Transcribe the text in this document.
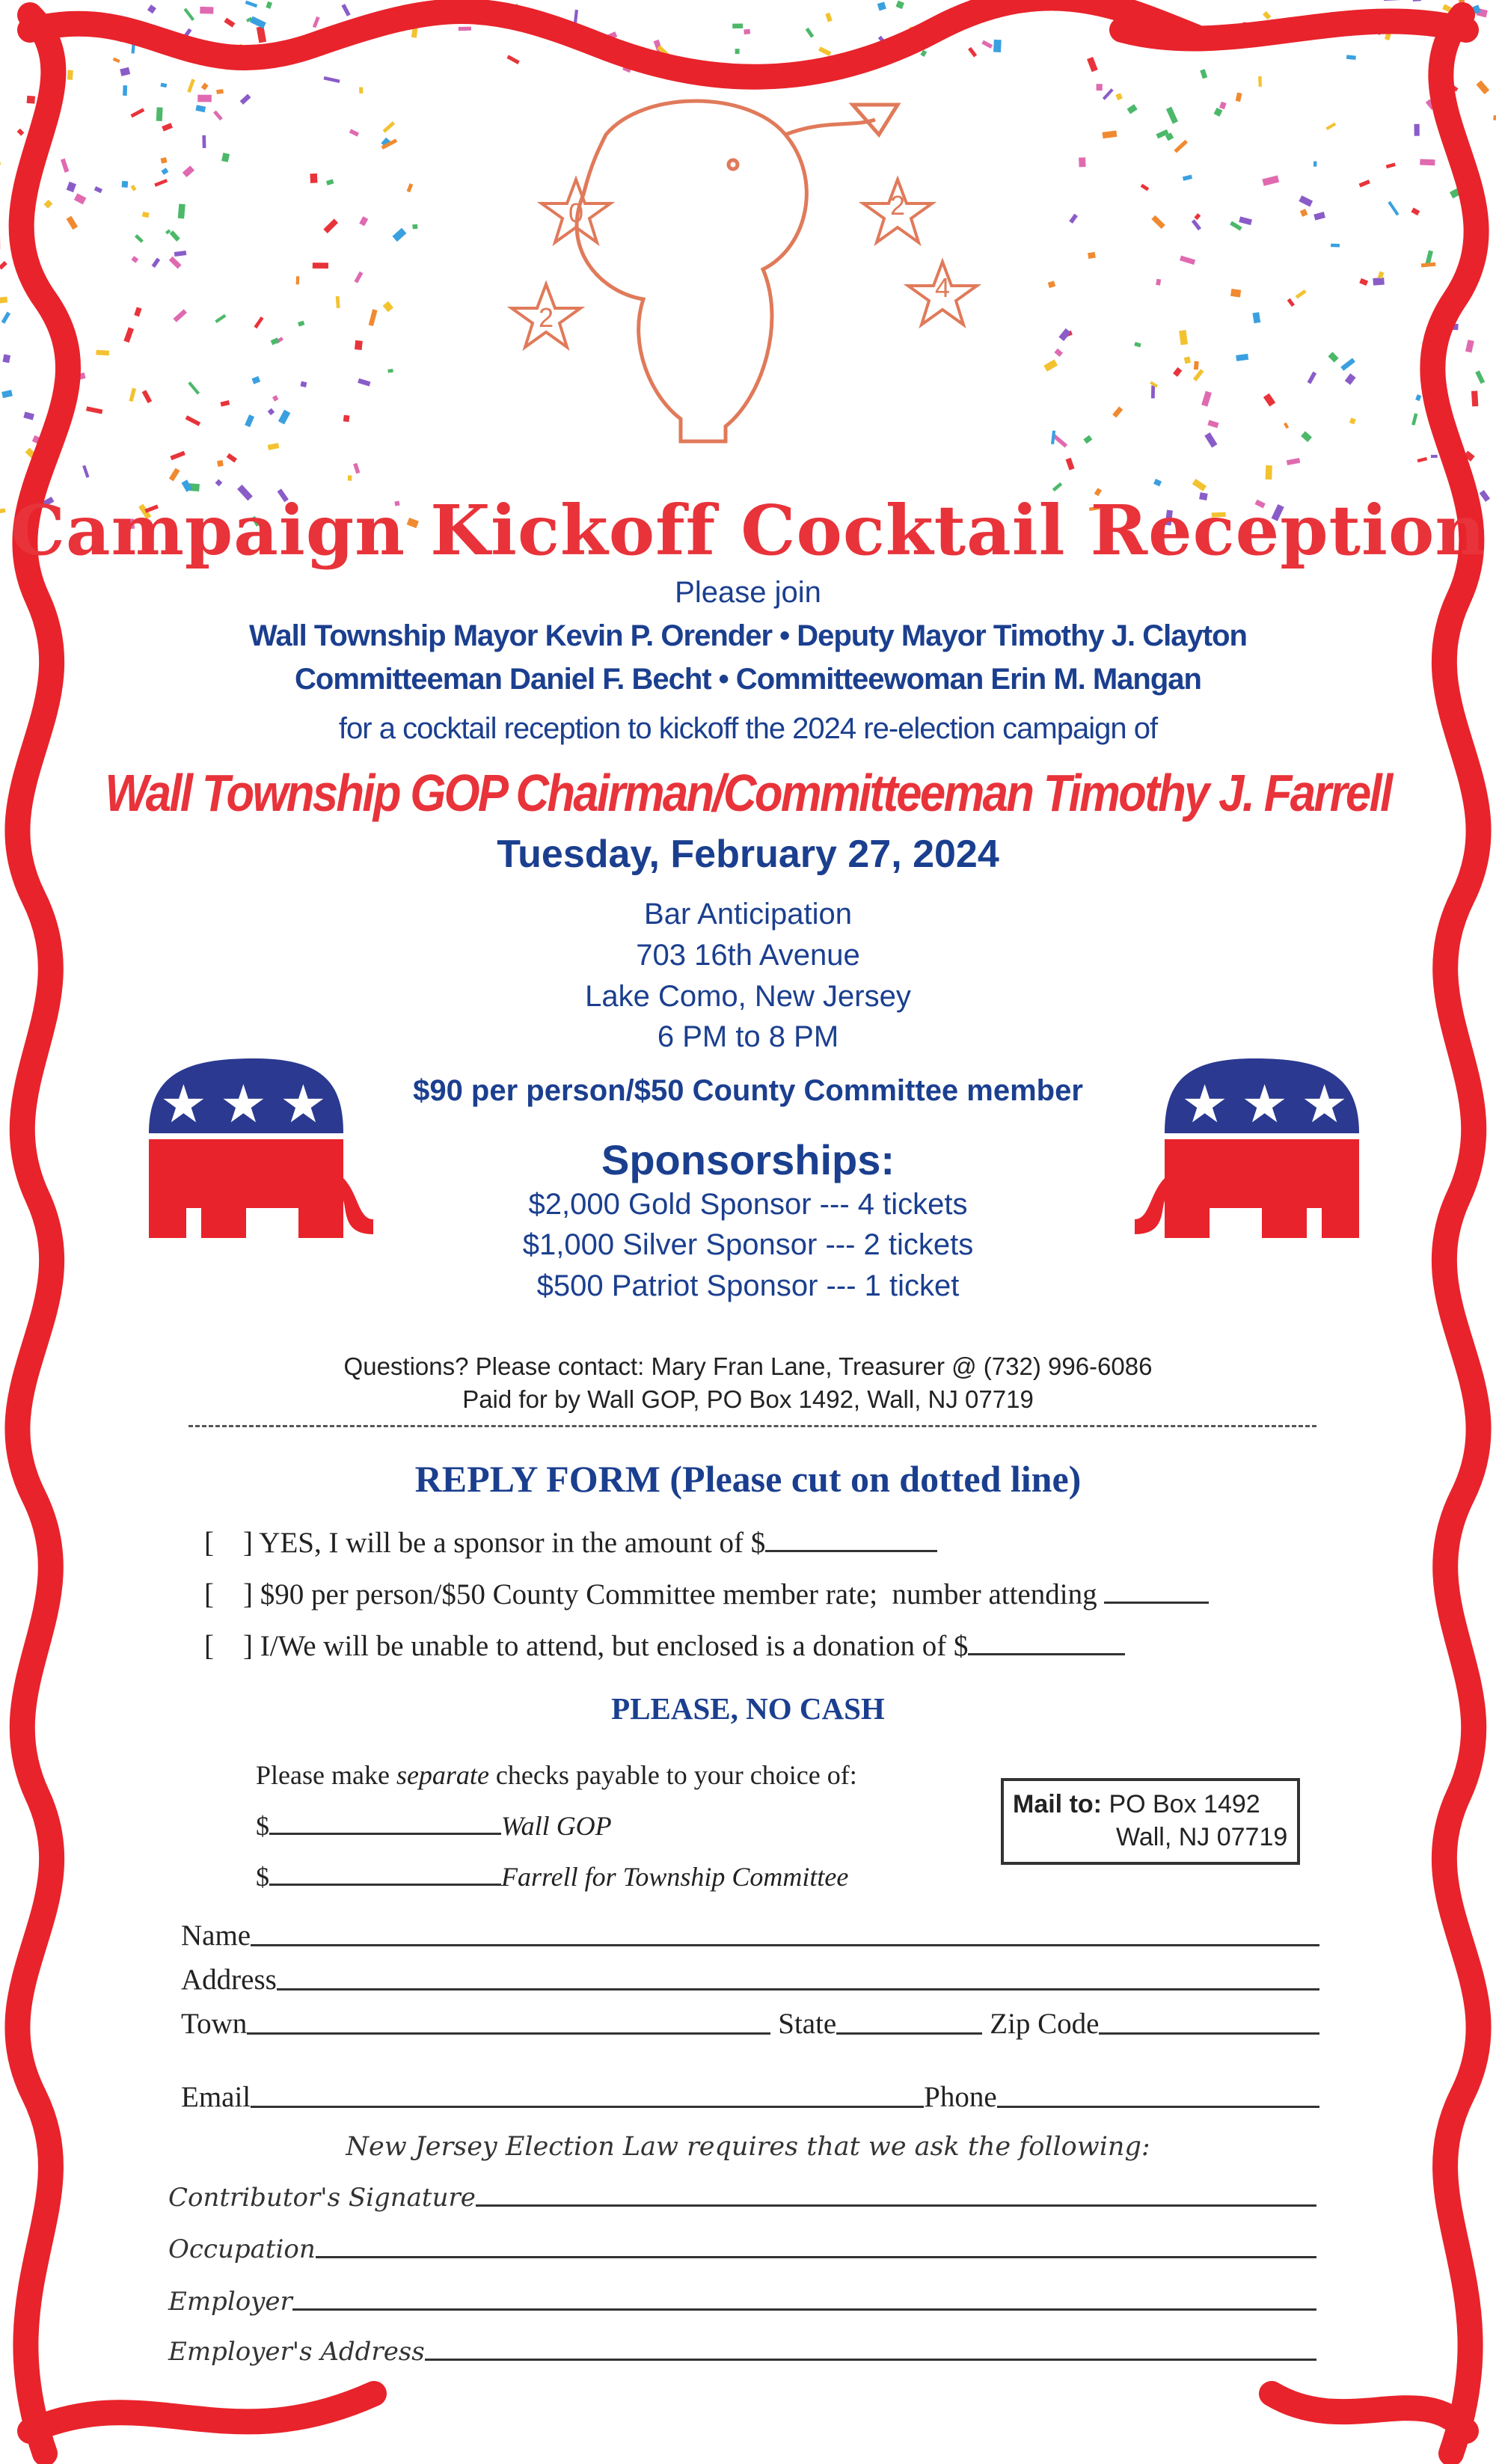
2
0	2
4
Campaign Kickoff Cocktail Reception
Please join
Wall Township Mayor Kevin P. Orender • Deputy Mayor Timothy J. Clayton
Committeeman Daniel F. Becht • Committeewoman Erin M. Mangan
for a cocktail reception to kickoff the 2024 re-election campaign of
Wall Township GOP Chairman/Committeeman Timothy J. Farrell
Tuesday, February 27, 2024
Bar Anticipation
703 16th Avenue
Lake Como, New Jersey
6 PM to 8 PM
$90 per person/$50 County Committee member
★ ★ ★	★
★
★
Sponsorships:
$2,000 Gold Sponsor --- 4 tickets
$1,000 Silver Sponsor --- 2 tickets
$500 Patriot Sponsor --- 1 ticket
Questions? Please contact: Mary Fran Lane, Treasurer @ (732) 996-6086
Paid for by Wall GOP, PO Box 1492, Wall, NJ 07719
REPLY FORM (Please cut on dotted line)
[    ] YES, I will be a sponsor in the amount of $
[    ] $90 per person/$50 County Committee member rate;  number attending
[    ] I/We will be unable to attend, but enclosed is a donation of $
PLEASE, NO CASH
Please make separate checks payable to your choice of:
$	Wall GOP
$	Farrell for Township Committee
Mail to: PO Box 1492
Wall, NJ 07719
Name
Address
Town	State	Zip Code
Email	Phone
New Jersey Election Law requires that we ask the following:
Contributor's Signature
Occupation
Employer
Employer's Address
